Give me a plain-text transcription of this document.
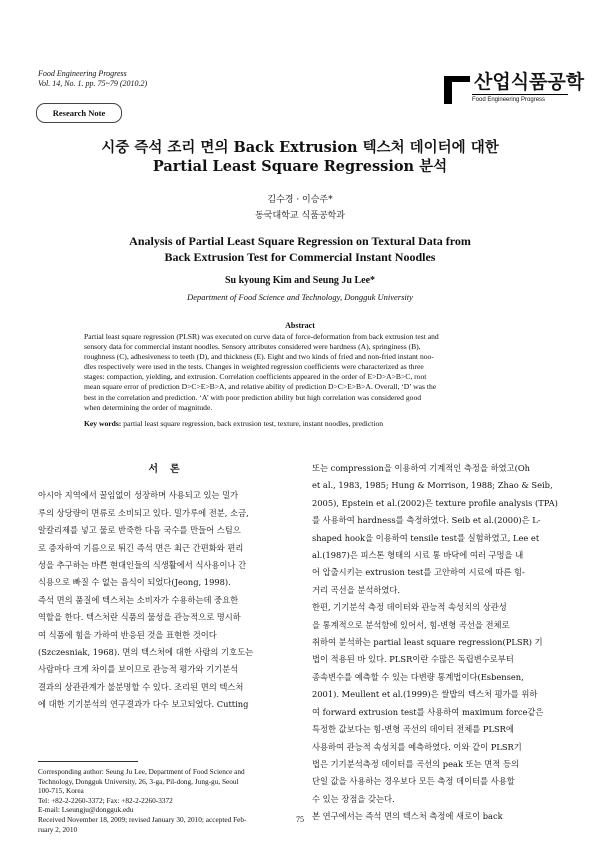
Food Engineering Progress
Vol. 14, No. 1. pp. 75~79 (2010.2)	산업식품공학
Food Engineering Progress
Research Note
시중 즉석 조리 면의 Back Extrusion 텍스처 데이터에 대한
Partial Least Square Regression 분석
김수경 · 이승주*
동국대학교 식품공학과
Analysis of Partial Least Square Regression on Textural Data from
Back Extrusion Test for Commercial Instant Noodles
Su kyoung Kim and Seung Ju Lee*
Department of Food Science and Technology, Dongguk University
Abstract
Partial least square regression (PLSR) was executed on curve data of force-deformation from back extrusion test and
sensory data for commercial instant noodles. Sensory attributes considered were hardness (A), springiness (B),
roughness (C), adhesiveness to teeth (D), and thickness (E). Eight and two kinds of fried and non-fried instant noo-
dles respectively were used in the tests. Changes in weighted regression coefficients were characterized as three
stages: compaction, yielding, and extrusion. Correlation coefficients appeared in the order of E>D>A>B>C, root
mean square error of prediction D>C>E>B>A, and relative ability of prediction D>C>E>B>A. Overall, ‘D’ was the
best in the correlation and prediction. ‘A’ with poor prediction ability but high correlation was considered good
when determining the order of magnitude.
Key words: partial least square regression, back extrusion test, texture, instant noodles, prediction
서론

아시아 지역에서 꿀임없이 성장하며 사용되고 있는 밀가
루의 상당량이 면류로 소비되고 있다. 밀가루에 전분, 소금,
알칼리제를 넣고 물로 반죽한 다음 국수를 만들어 스팀으
로 증자하여 기름으로 튀긴 즉석 면은 최근 간편화와 편리
성을 추구하는 바쁜 현대인들의 식생활에서 식사용이나 간
식용으로 빠질 수 없는 음식이 되었다(Jeong, 1998).
즉석 면의 품질에 텍스처는 소비자가 수용하는데 중요한
역할을 한다. 텍스처란 식품의 물성을 관능적으로 명시하
여 식품에 힘을 가하여 반응된 것을 표현한 것이다
(Szczesniak, 1968). 면의 텍스처에 대한 사람의 기호도는
사람마다 크게 차이를 보이므로 관능적 평가와 기기분석
결과의 상관관계가 불분명할 수 있다. 조리된 면의 텍스처
에 대한 기기분석의 연구결과가 다수 보고되었다. Cutting
또는 compression을 이용하여 기계적인 측정을 하였고(Oh
et al., 1983, 1985; Hung & Morrison, 1988; Zhao & Seib,
2005), Epstein et al.(2002)은 texture profile analysis (TPA)
를 사용하여 hardness를 측정하였다. Seib et al.(2000)은 L-
shaped hook을 이용하여 tensile test를 실험하였고, Lee et
al.(1987)은 피스톤 형태의 시료 통 바닥에 여러 구멍을 내
어 압출시키는 extrusion test를 고안하여 시료에 따른 힘-
거리 곡선을 분석하였다.
한편, 기기분석 측정 데이터와 관능적 속성치의 상관성
을 통계적으로 분석함에 있어서, 힘-변형 곡선을 전체로
취하여 분석하는 partial least square regression(PLSR) 기
법이 적용된 바 있다. PLSR이란 수많은 독립변수로부터
종속변수를 예측할 수 있는 다변량 통계법이다(Esbensen,
2001). Meullent et al.(1999)은 쌀밥의 텍스처 평가를 위하
여 forward extrusion test를 사용하여 maximum force같은
특정한 값보다는 힘-변형 곡선의 데이터 전체를 PLSR에
사용하여 관능적 속성치를 예측하였다. 이와 같이 PLSR기
법은 기기분석측정 데이터를 곡선의 peak 또는 면적 등의
단일 값을 사용하는 경우보다 모든 측정 데이터를 사용할
수 있는 장점을 갖는다.
본 연구에서는 즉석 면의 텍스처 측정에 새로이 back
Corresponding author: Seung Ju Lee, Department of Food Science and
Technology, Dongguk University, 26, 3-ga, Pil-dong, Jung-gu, Seoul
100-715, Korea
Tel: +82-2-2260-3372; Fax: +82-2-2260-3372
E-mail: Lseungju@dongguk.edu
Received November 18, 2009; revised January 30, 2010; accepted Feb-
ruary 2, 2010
75
